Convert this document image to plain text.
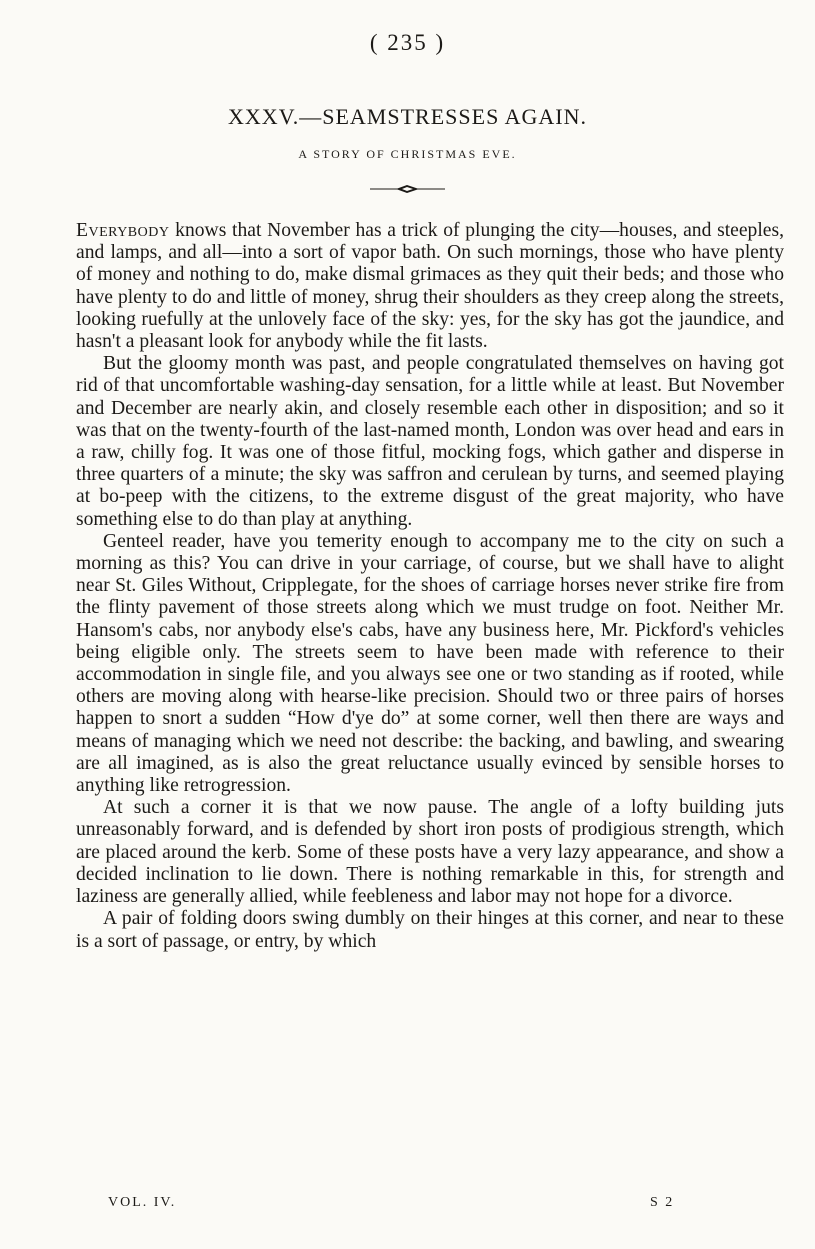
( 235 )
XXXV.—SEAMSTRESSES AGAIN.
A STORY OF CHRISTMAS EVE.

Everybody knows that November has a trick of plunging the city—houses, and steeples, and lamps, and all—into a sort of vapor bath. On such mornings, those who have plenty of money and nothing to do, make dismal grimaces as they quit their beds; and those who have plenty to do and little of money, shrug their shoulders as they creep along the streets, looking ruefully at the unlovely face of the sky: yes, for the sky has got the jaundice, and hasn't a pleasant look for anybody while the fit lasts.

But the gloomy month was past, and people congratulated themselves on having got rid of that uncomfortable washing-day sensation, for a little while at least. But November and December are nearly akin, and closely resemble each other in disposition; and so it was that on the twenty-fourth of the last-named month, London was over head and ears in a raw, chilly fog. It was one of those fitful, mocking fogs, which gather and disperse in three quarters of a minute; the sky was saffron and cerulean by turns, and seemed playing at bo-peep with the citizens, to the extreme disgust of the great majority, who have something else to do than play at anything.

Genteel reader, have you temerity enough to accompany me to the city on such a morning as this? You can drive in your carriage, of course, but we shall have to alight near St. Giles Without, Cripplegate, for the shoes of carriage horses never strike fire from the flinty pavement of those streets along which we must trudge on foot. Neither Mr. Hansom's cabs, nor anybody else's cabs, have any business here, Mr. Pickford's vehicles being eligible only. The streets seem to have been made with reference to their accommodation in single file, and you always see one or two standing as if rooted, while others are moving along with hearse-like precision. Should two or three pairs of horses happen to snort a sudden “How d'ye do” at some corner, well then there are ways and means of managing which we need not describe: the backing, and bawling, and swearing are all imagined, as is also the great reluctance usually evinced by sensible horses to anything like retrogression.

At such a corner it is that we now pause. The angle of a lofty building juts unreasonably forward, and is defended by short iron posts of prodigious strength, which are placed around the kerb. Some of these posts have a very lazy appearance, and show a decided inclination to lie down. There is nothing remarkable in this, for strength and laziness are generally allied, while feebleness and labor may not hope for a divorce.

A pair of folding doors swing dumbly on their hinges at this corner, and near to these is a sort of passage, or entry, by which

VOL. IV.	S 2
